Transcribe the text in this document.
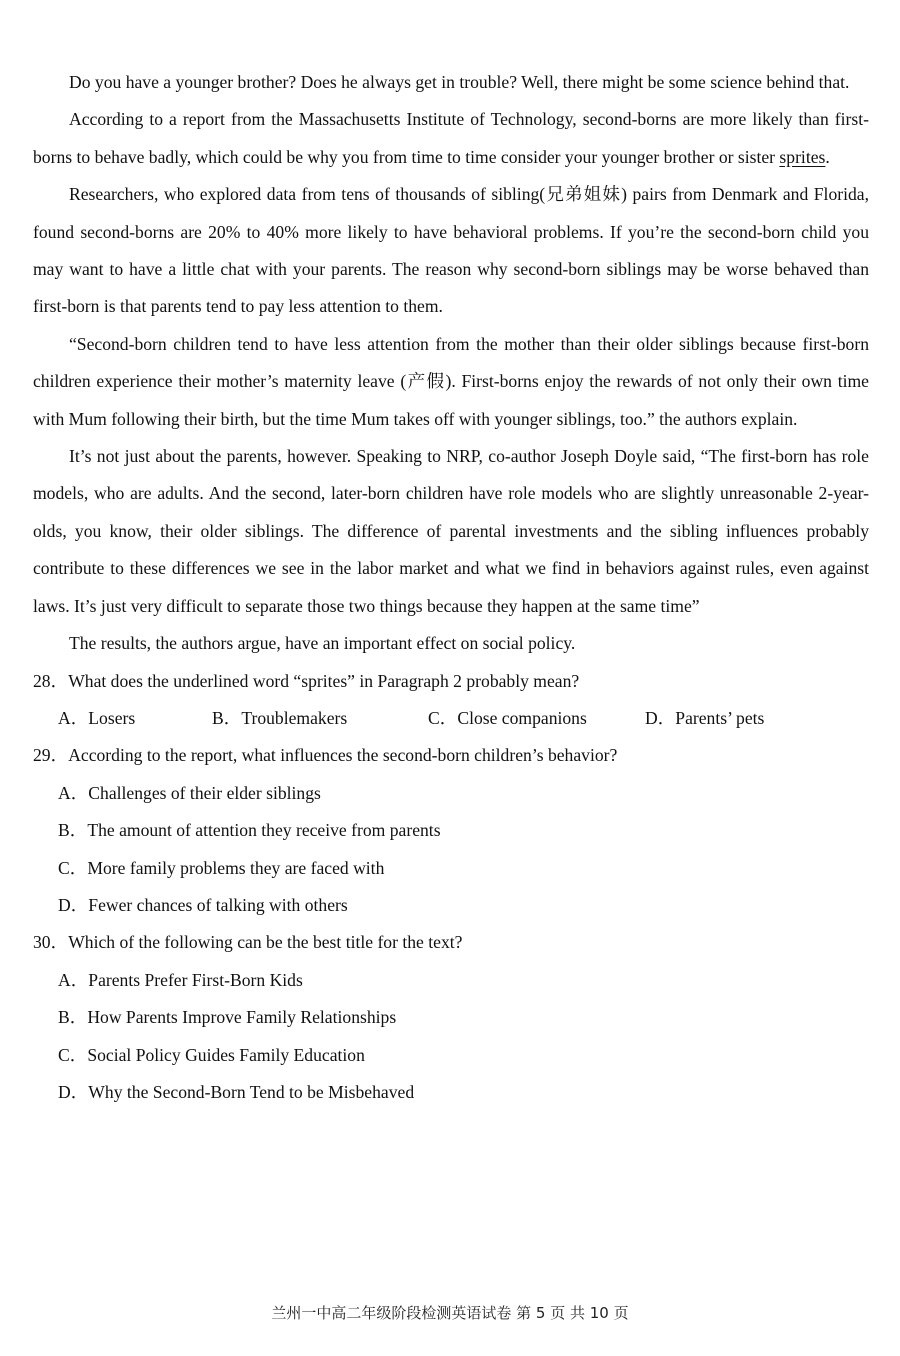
Do you have a younger brother? Does he always get in trouble? Well, there might be some science behind that.

According to a report from the Massachusetts Institute of Technology, second-borns are more likely than first-borns to behave badly, which could be why you from time to time consider your younger brother or sister sprites.

Researchers, who explored data from tens of thousands of sibling(兄弟姐妹) pairs from Denmark and Florida, found second-borns are 20% to 40% more likely to have behavioral problems. If you’re the second-born child you may want to have a little chat with your parents. The reason why second-born siblings may be worse behaved than first-born is that parents tend to pay less attention to them.

“Second-born children tend to have less attention from the mother than their older siblings because first-born children experience their mother’s maternity leave (产假). First-borns enjoy the rewards of not only their own time with Mum following their birth, but the time Mum takes off with younger siblings, too.” the authors explain.

It’s not just about the parents, however. Speaking to NRP, co-author Joseph Doyle said, “The first-born has role models, who are adults. And the second, later-born children have role models who are slightly unreasonable 2-year-olds, you know, their older siblings. The difference of parental investments and the sibling influences probably contribute to these differences we see in the labor market and what we find in behaviors against rules, even against laws. It’s just very difficult to separate those two things because they happen at the same time”

The results, the authors argue, have an important effect on social policy.

28．What does the underlined word “sprites” in Paragraph 2 probably mean?

A．Losers	B．Troublemakers	C．Close companions	D．Parents’ pets

29．According to the report, what influences the second-born children’s behavior?

A．Challenges of their elder siblings

B．The amount of attention they receive from parents

C．More family problems they are faced with

D．Fewer chances of talking with others

30．Which of the following can be the best title for the text?

A．Parents Prefer First-Born Kids

B．How Parents Improve Family Relationships

C．Social Policy Guides Family Education

D．Why the Second-Born Tend to be Misbehaved

兰州一中高二年级阶段检测英语试卷 第 5 页 共 10 页
